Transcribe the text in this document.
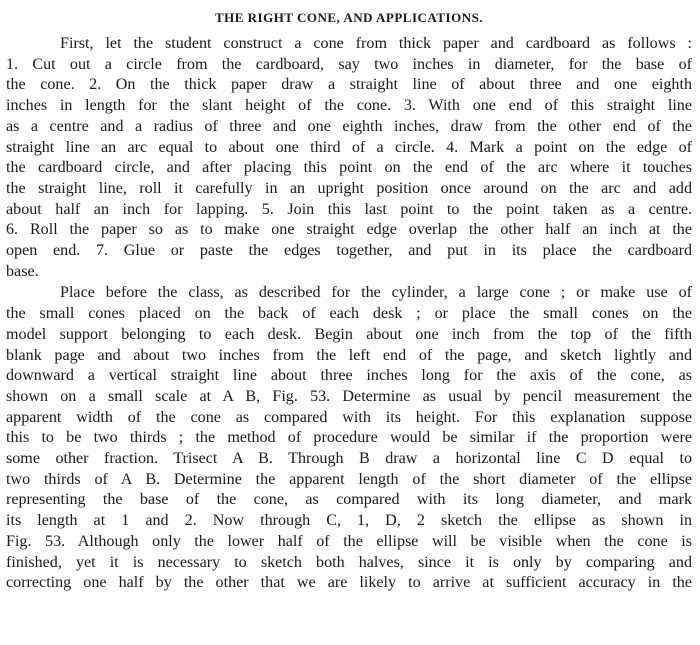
THE RIGHT CONE, AND APPLICATIONS.

First, let the student construct a cone from thick paper and cardboard as follows :
1. Cut out a circle from the cardboard, say two inches in diameter, for the base of
the cone. 2. On the thick paper draw a straight line of about three and one eighth
inches in length for the slant height of the cone. 3. With one end of this straight line
as a centre and a radius of three and one eighth inches, draw from the other end of the
straight line an arc equal to about one third of a circle. 4. Mark a point on the edge of
the cardboard circle, and after placing this point on the end of the arc where it touches
the straight line, roll it carefully in an upright position once around on the arc and add
about half an inch for lapping. 5. Join this last point to the point taken as a centre.
6. Roll the paper so as to make one straight edge overlap the other half an inch at the
open end. 7. Glue or paste the edges together, and put in its place the cardboard
base.

Place before the class, as described for the cylinder, a large cone ; or make use of
the small cones placed on the back of each desk ; or place the small cones on the
model support belonging to each desk. Begin about one inch from the top of the fifth
blank page and about two inches from the left end of the page, and sketch lightly and
downward a vertical straight line about three inches long for the axis of the cone, as
shown on a small scale at A B, Fig. 53. Determine as usual by pencil measurement the
apparent width of the cone as compared with its height. For this explanation suppose
this to be two thirds ; the method of procedure would be similar if the proportion were
some other fraction. Trisect A B. Through B draw a horizontal line C D equal to
two thirds of A B. Determine the apparent length of the short diameter of the ellipse
representing the base of the cone, as compared with its long diameter, and mark
its length at 1 and 2. Now through C, 1, D, 2 sketch the ellipse as shown in
Fig. 53. Although only the lower half of the ellipse will be visible when the cone is
finished, yet it is necessary to sketch both halves, since it is only by comparing and
correcting one half by the other that we are likely to arrive at sufficient accuracy in the
